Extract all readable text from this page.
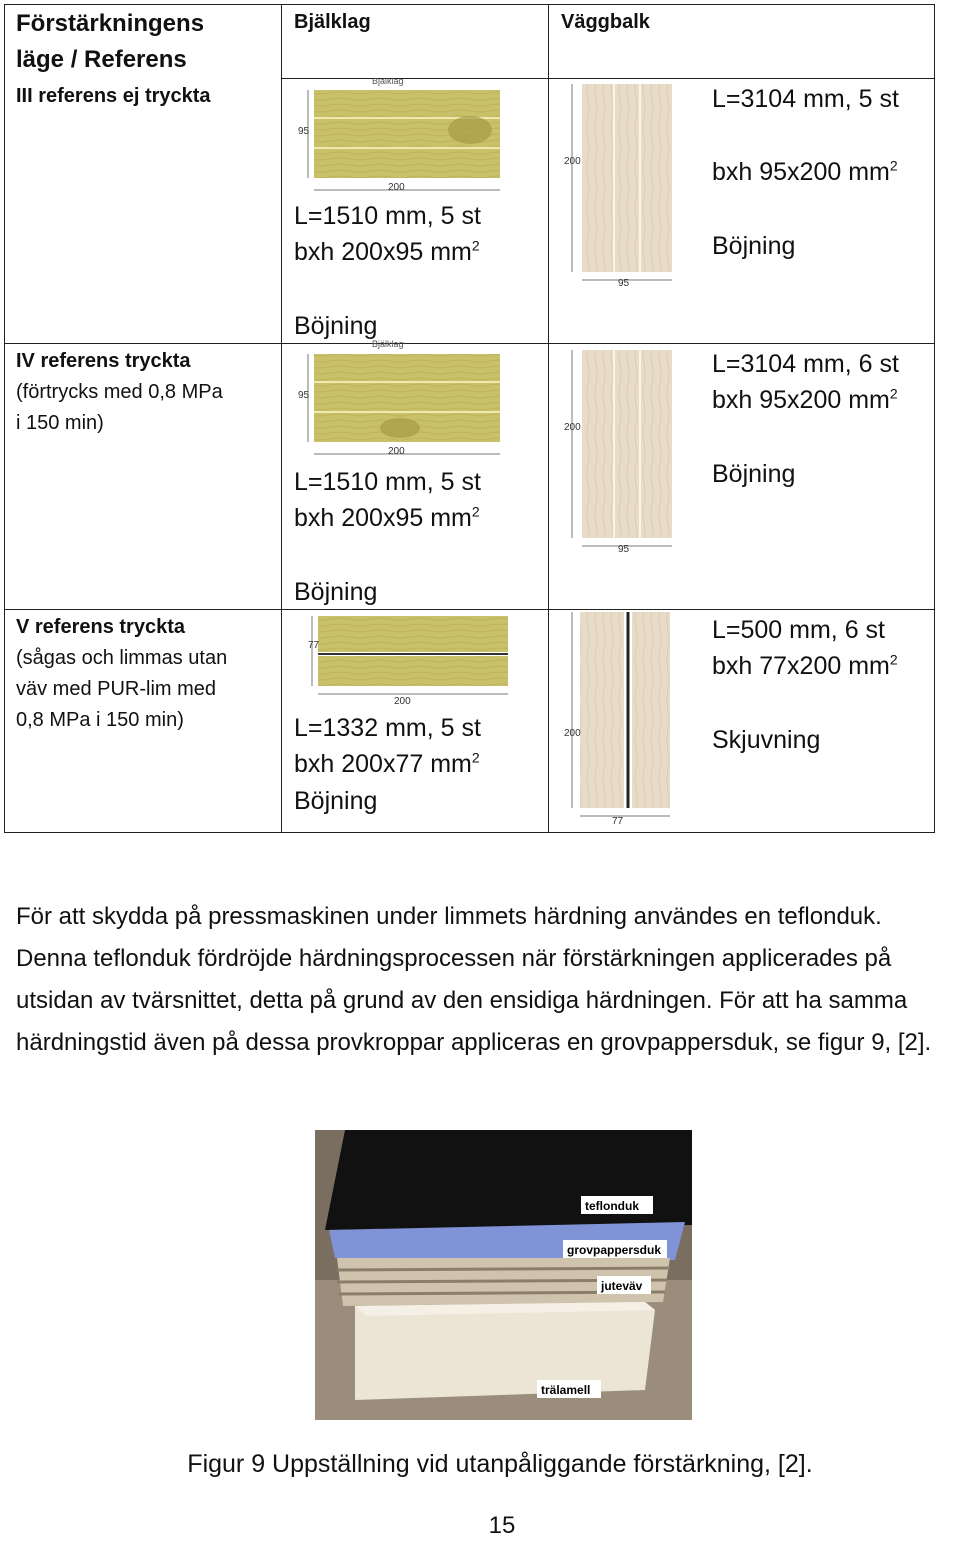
Förstärkningens
läge / Referens
Bjälklag	Väggbalk
III referens ej tryckta
Bjälklag
95
200
L=1510 mm, 5 st
bxh 200x95 $mm^2$
Böjning
200
95
L=3104 mm, 5 st
bxh 95x200 $mm^2$
Böjning
IV referens tryckta
(förtrycks med 0,8 MPa
i 150 min)
Bjälklag
95
200
L=1510 mm, 5 st
bxh 200x95 $mm^2$
Böjning
200
95
L=3104 mm, 6 st
bxh 95x200 $mm^2$
Böjning
V referens tryckta
(sågas och limmas utan
väv med PUR-lim med
0,8 MPa i 150 min)
77
200
L=1332 mm, 5 st
bxh 200x77 $mm^2$
Böjning
200
77
L=500 mm, 6 st
bxh 77x200 $mm^2$
Skjuvning
För att skydda på pressmaskinen under limmets härdning användes en teflonduk. Denna teflonduk fördröjde härdningsprocessen när förstärkningen applicerades på utsidan av tvärsnittet, detta på grund av den ensidiga härdningen. För att ha samma härdningstid även på dessa provkroppar appliceras en grovpappersduk, se figur 9, [2].
teflonduk
grovpappersduk
juteväv
trälamell
Figur 9 Uppställning vid utanpåliggande förstärkning, [2].
15
